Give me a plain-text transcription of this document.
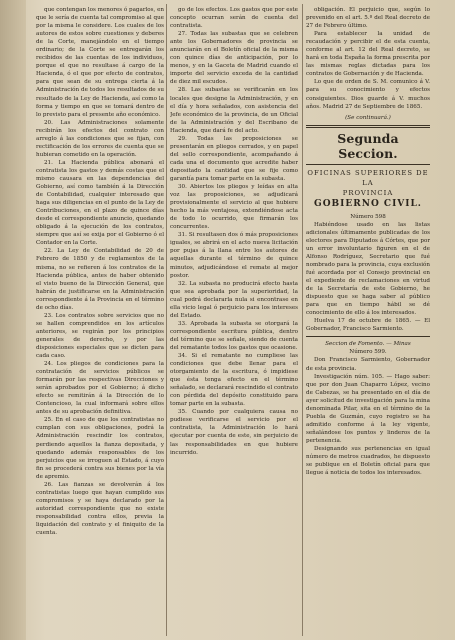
que contengan los menores ó pagarlos, en que le sería de cuenta tal compromiso al que por la misma le considere. Los cuales de los autores de estos sobre cuestiones y deberes de la Corte, manejándolo en el tiempo ordinario; de la Corte se entregarán los recibidos de las cuentas de los individuos, porque el que no resultase á cargo de la Hacienda, ó el que por efecto de contratos, para que sean de su entrega cierta á la Administración de todos los resultados de su resultado de la Ley de Hacienda, así como la forma y tiempo en que se tomará dentro de lo previsto para el presente año económico.

20. Las Administraciones solamente recibirán los efectos del contrato con arreglo á las condiciones que se fijan, con rectificación de los errores de cuenta que se hubieran cometido en la operación.

21. La Hacienda pública abonará el contratista los gastos y demás costas que el mismo causara en las dependencias del Gobierno, así como también á la Dirección de Contabilidad, cualquier interesado que haga sus diligencias en el punto de la Ley de Contribuciones, en el plazo de quince días desde el correspondiente anuncio, quedando obligado á la ejecución de los contratos, siempre que así se exija por el Gobierno ó el Contador en la Corte.

22. La Ley de Contabilidad de 20 de Febrero de 1850 y de reglamentos de la misma, no se refieren á los contratos de la Hacienda pública, antes de haber obtenido el visto bueno de la Dirección General, que habrán de justificarse en la Administración correspondiente á la Provincia en el término de ocho días.

23. Los contratos sobre servicios que no se hallen comprendidos en los artículos anteriores, se regirán por los principios generales de derecho, y por las disposiciones especiales que se dicten para cada caso.

24. Los pliegos de condiciones para la contratación de servicios públicos se formarán por las respectivas Direcciones y serán aprobados por el Gobierno; á dicho efecto se remitirán á la Dirección de lo Contencioso, la cual informará sobre ellos antes de su aprobación definitiva.

25. En el caso de que los contratistas no cumplan con sus obligaciones, podrá la Administración rescindir los contratos, perdiendo aquellos la fianza depositada, y quedando además responsables de los perjuicios que se irroguen al Estado, á cuyo fin se procederá contra sus bienes por la vía de apremio.

26. Las fianzas se devolverán á los contratistas luego que hayan cumplido sus compromisos y se haya declarado por la autoridad correspondiente que no existe responsabilidad contra ellos, previa la liquidación del contrato y el finiquito de la cuenta.

go de los efectos. Los gastos que por este concepto ocurran serán de cuenta del contratista.

27. Todas las subastas que se celebren ante los Gobernadores de provincia se anunciarán en el Boletín oficial de la misma con quince días de anticipación, por lo menos, y en la Gaceta de Madrid cuando el importe del servicio exceda de la cantidad de diez mil escudos.

28. Las subastas se verificarán en los locales que designe la Administración, y en el día y hora señalados, con asistencia del Jefe económico de la provincia, de un Oficial de la Administración y del Escribano de Hacienda, que dará fe del acto.

29. Todas las proposiciones se presentarán en pliegos cerrados, y en papel del sello correspondiente, acompañando á cada una el documento que acredite haber depositado la cantidad que se fije como garantía para tomar parte en la subasta.

30. Abiertos los pliegos y leídas en alta voz las proposiciones, se adjudicará provisionalmente el servicio al que hubiere hecho la más ventajosa, extendiéndose acta de todo lo ocurrido, que firmarán los concurrentes.

31. Si resultasen dos ó más proposiciones iguales, se abrirá en el acto nueva licitación por pujas á la llana entre los autores de aquellas durante el término de quince minutos, adjudicándose el remate al mejor postor.

32. La subasta no producirá efecto hasta que sea aprobada por la superioridad, la cual podrá declararla nula si encontrase en ella vicio legal ó perjuicio para los intereses del Estado.

33. Aprobada la subasta se otorgará la correspondiente escritura pública, dentro del término que se señale, siendo de cuenta del rematante todos los gastos que ocasione.

34. Si el rematante no cumpliese las condiciones que debe llenar para el otorgamiento de la escritura, ó impidiese que ésta tenga efecto en el término señalado, se declarará rescindido el contrato con pérdida del depósito constituido para tomar parte en la subasta.

35. Cuando por cualquiera causa no pudiese verificarse el servicio por el contratista, la Administración lo hará ejecutar por cuenta de este, sin perjuicio de las responsabilidades en que hubiere incurrido.

obligación. El perjuicio que, según lo prevenido en el art. 5.º del Real decreto de 27 de Febrero último.

Para establecer la unidad de recaudación y percibir el de esta cuenta, conforme al art. 12 del Real decreto, se hará en toda España la forma prescrita por las mismas reglas dictadas para los contratos de Gobernación y de Hacienda.

Lo que de orden de S. M. comunico á V. para su conocimiento y efectos consiguientes. Dios guarde á V. muchos años. Madrid 27 de Septiembre de 1865.

(Se continuará.)

Segunda Seccion.

OFICINAS SUPERIORES DE LA

PROVINCIA

GOBIERNO CIVIL.

Número 598

Habiéndose usado en las listas adicionales últimamente publicadas de los electores para Diputados á Córtes, que por un error involuntario figuren en el de Alfonso Rodríguez, Secretario que fué nombrado para la provincia, cuya exclusión fué acordada por el Consejo provincial en el expediente de reclamaciones en virtud de la Secretaría de este Gobierno, he dispuesto que se haga saber al público para que en tiempo hábil se dé conocimiento de ello á los interesados.

Huelva 17 de octubre de 1865. — El Gobernador, Francisco Sarmiento.

Seccion de Fomento. — Minas

Número 599.

Don Francisco Sarmiento, Gobernador de esta provincia.

Investigación núm. 105. — Hago saber: que por don Juan Chaparro López, vecino de Cabezas, se ha presentado en el día de ayer solicitud de investigación para la mina denominada Pilar, sita en el término de la Puebla de Guzmán, cuyo registro se ha admitido conforme á la ley vigente, señalándose los puntos y linderos de la pertenencia.

Designando sus pertenencias en igual número de metros cuadrados, he dispuesto se publique en el Boletín oficial para que llegue á noticia de todos los interesados.
